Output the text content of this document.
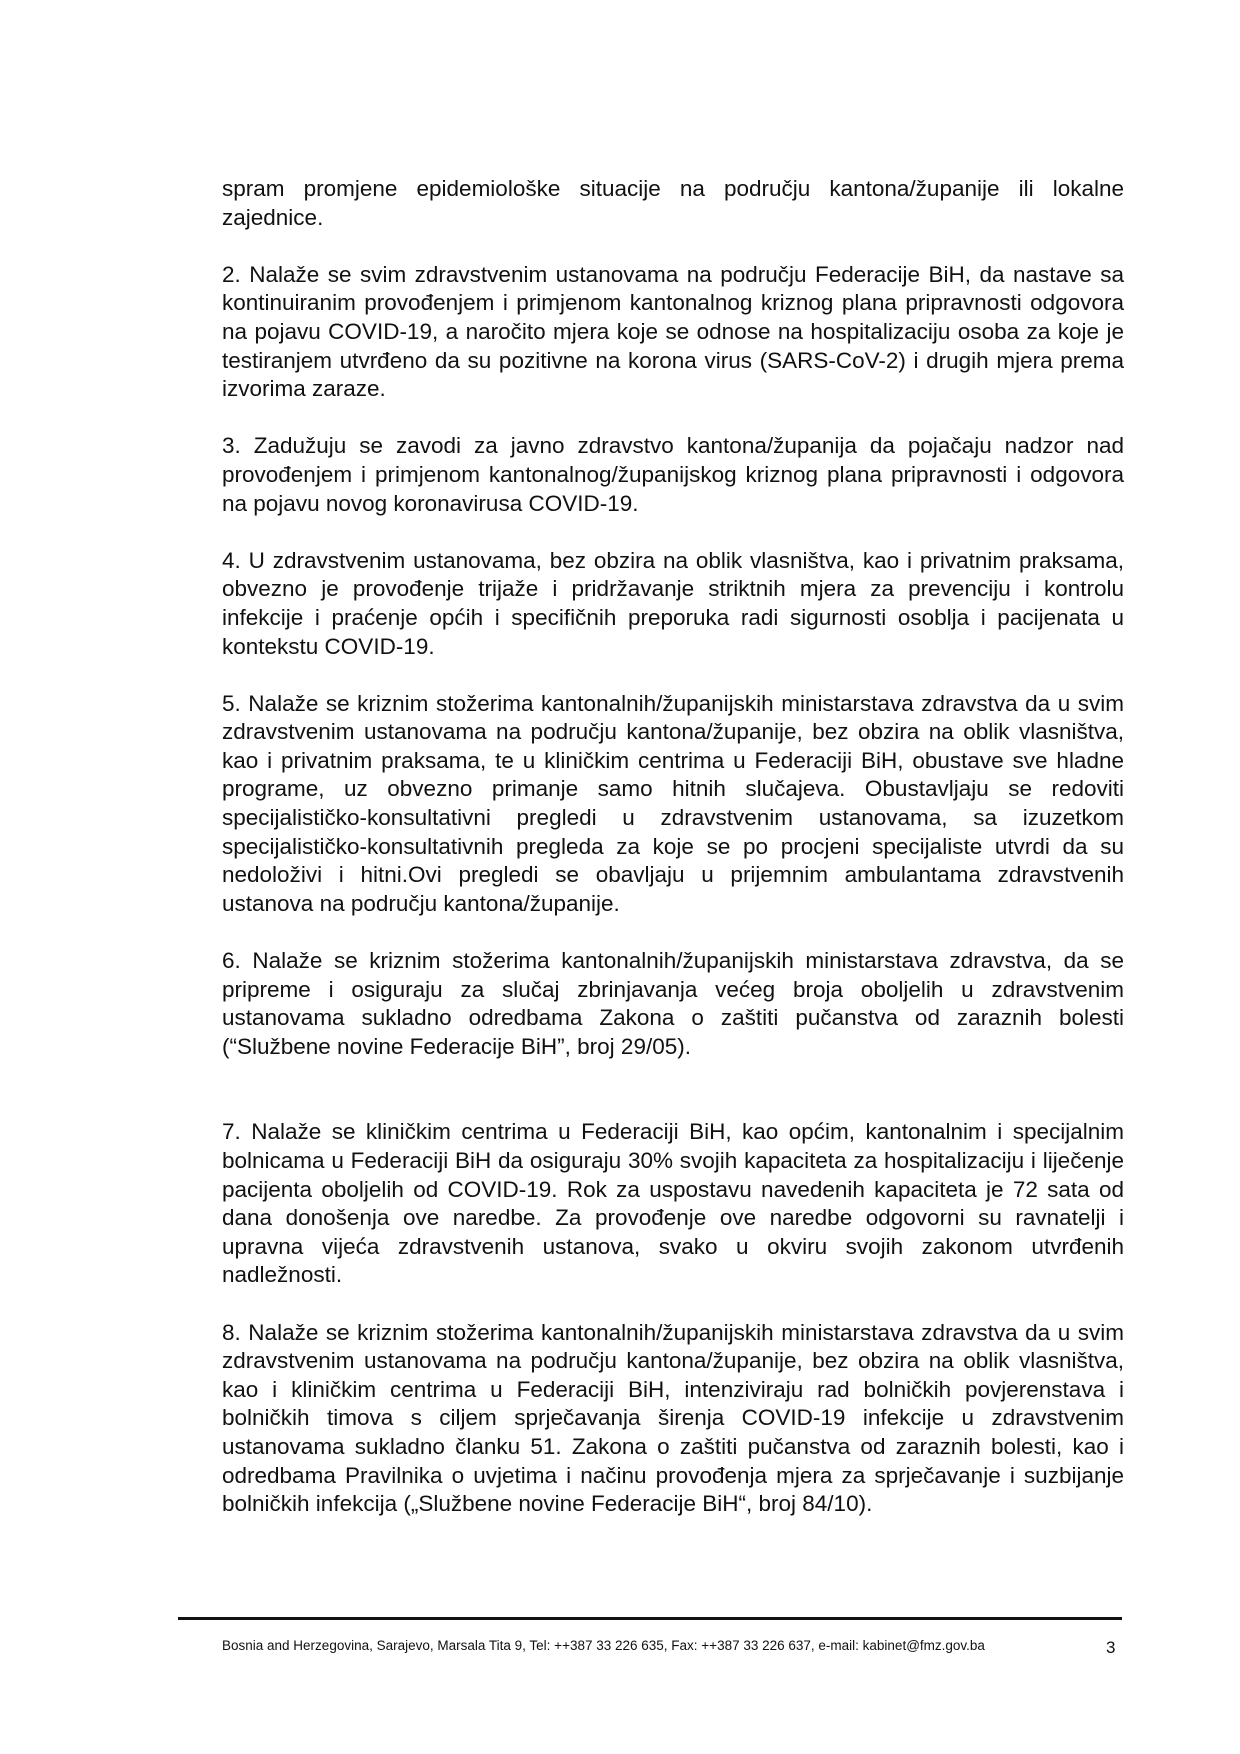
spram promjene epidemiološke situacije na području kantona/županije ili lokalne zajednice.

2. Nalaže se svim zdravstvenim ustanovama na području Federacije BiH, da nastave sa kontinuiranim provođenjem i primjenom kantonalnog kriznog plana pripravnosti odgovora na pojavu COVID-19, a naročito mjera koje se odnose na hospitalizaciju osoba za koje je testiranjem utvrđeno da su pozitivne na korona virus (SARS-CoV-2) i drugih mjera prema izvorima zaraze.

3. Zadužuju se zavodi za javno zdravstvo kantona/županija da pojačaju nadzor nad provođenjem i primjenom kantonalnog/županijskog kriznog plana pripravnosti i odgovora na pojavu novog koronavirusa COVID-19.

4. U zdravstvenim ustanovama, bez obzira na oblik vlasništva, kao i privatnim praksama, obvezno je provođenje trijaže i pridržavanje striktnih mjera za prevenciju i kontrolu infekcije i praćenje općih i specifičnih preporuka radi sigurnosti osoblja i pacijenata u kontekstu COVID-19.

5. Nalaže se kriznim stožerima kantonalnih/županijskih ministarstava zdravstva da u svim zdravstvenim ustanovama na području kantona/županije, bez obzira na oblik vlasništva, kao i privatnim praksama, te u kliničkim centrima u Federaciji BiH, obustave sve hladne programe, uz obvezno primanje samo hitnih slučajeva. Obustavljaju se redoviti specijalističko-konsultativni pregledi u zdravstvenim ustanovama, sa izuzetkom specijalističko-konsultativnih pregleda za koje se po procjeni specijaliste utvrdi da su nedoloživi i hitni.Ovi pregledi se obavljaju u prijemnim ambulantama zdravstvenih ustanova na području kantona/županije.

6. Nalaže se kriznim stožerima kantonalnih/županijskih ministarstava zdravstva, da se pripreme i osiguraju za slučaj zbrinjavanja većeg broja oboljelih u zdravstvenim ustanovama sukladno odredbama Zakona o zaštiti pučanstva od zaraznih bolesti (“Službene novine Federacije BiH”, broj 29/05).

7. Nalaže se kliničkim centrima u Federaciji BiH, kao općim, kantonalnim i specijalnim bolnicama u Federaciji BiH da osiguraju 30% svojih kapaciteta za hospitalizaciju i liječenje pacijenta oboljelih od COVID-19. Rok za uspostavu navedenih kapaciteta je 72 sata od dana donošenja ove naredbe. Za provođenje ove naredbe odgovorni su ravnatelji i upravna vijeća zdravstvenih ustanova, svako u okviru svojih zakonom utvrđenih nadležnosti.

8. Nalaže se kriznim stožerima kantonalnih/županijskih ministarstava zdravstva da u svim zdravstvenim ustanovama na području kantona/županije, bez obzira na oblik vlasništva, kao i kliničkim centrima u Federaciji BiH, intenziviraju rad bolničkih povjerenstava i bolničkih timova s ciljem sprječavanja širenja COVID-19 infekcije u zdravstvenim ustanovama sukladno članku 51. Zakona o zaštiti pučanstva od zaraznih bolesti, kao i odredbama Pravilnika o uvjetima i načinu provođenja mjera za sprječavanje i suzbijanje bolničkih infekcija („Službene novine Federacije BiH“, broj 84/10).

Bosnia and Herzegovina, Sarajevo, Marsala Tita 9, Tel: ++387 33 226 635, Fax: ++387 33 226 637, e-mail: kabinet@fmz.gov.ba	3
